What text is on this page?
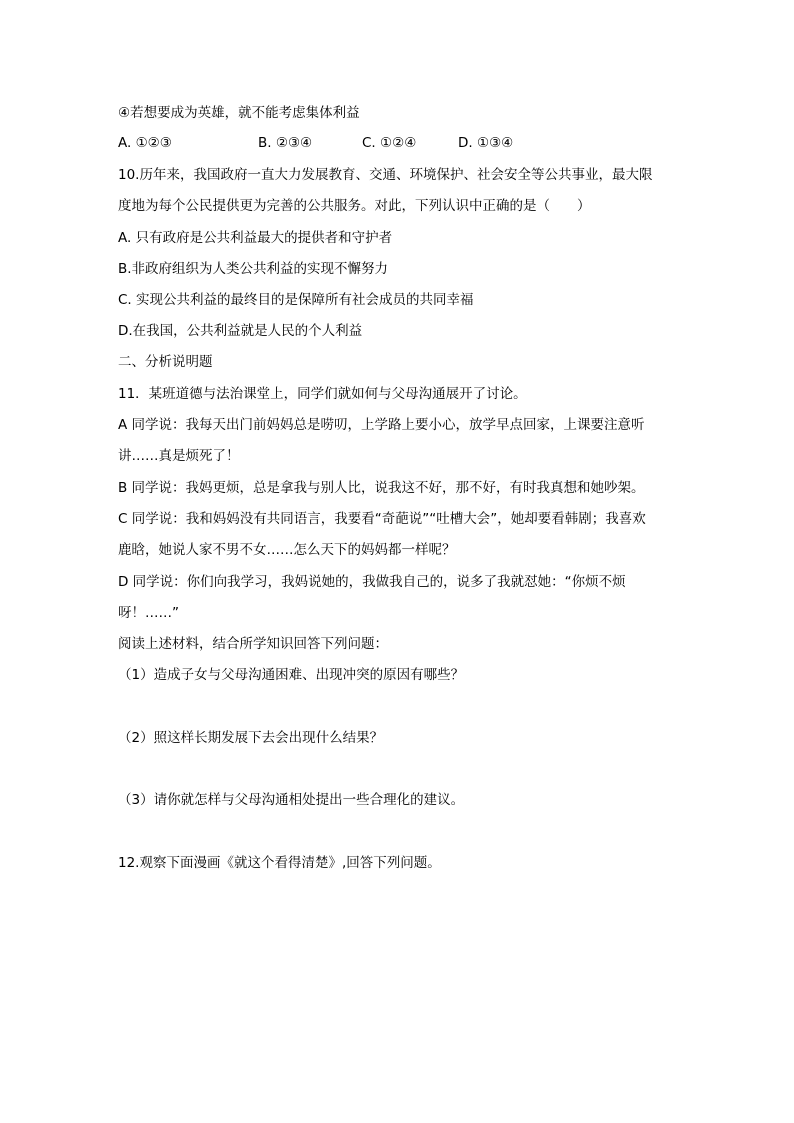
④若想要成为英雄，就不能考虑集体利益

A. ①②③	B. ②③④	C. ①②④	D. ①③④

10.历年来，我国政府一直大力发展教育、交通、环境保护、社会安全等公共事业，最大限

度地为每个公民提供更为完善的公共服务。对此，下列认识中正确的是（　　）

A. 只有政府是公共利益最大的提供者和守护者

B.非政府组织为人类公共利益的实现不懈努力

C. 实现公共利益的最终目的是保障所有社会成员的共同幸福

D.在我国，公共利益就是人民的个人利益

二、分析说明题

11．某班道德与法治课堂上，同学们就如何与父母沟通展开了讨论。

A 同学说：我每天出门前妈妈总是唠叨，上学路上要小心，放学早点回家，上课要注意听

讲……真是烦死了！

B 同学说：我妈更烦，总是拿我与别人比，说我这不好，那不好，有时我真想和她吵架。

C 同学说：我和妈妈没有共同语言，我要看“奇葩说”“吐槽大会”，她却要看韩剧；我喜欢

鹿晗，她说人家不男不女……怎么天下的妈妈都一样呢？

D 同学说：你们向我学习，我妈说她的，我做我自己的，说多了我就怼她：“你烦不烦

呀！……”

阅读上述材料，结合所学知识回答下列问题：

（1）造成子女与父母沟通困难、出现冲突的原因有哪些？

（2）照这样长期发展下去会出现什么结果？

（3）请你就怎样与父母沟通相处提出一些合理化的建议。

12.观察下面漫画《就这个看得清楚》,回答下列问题。
